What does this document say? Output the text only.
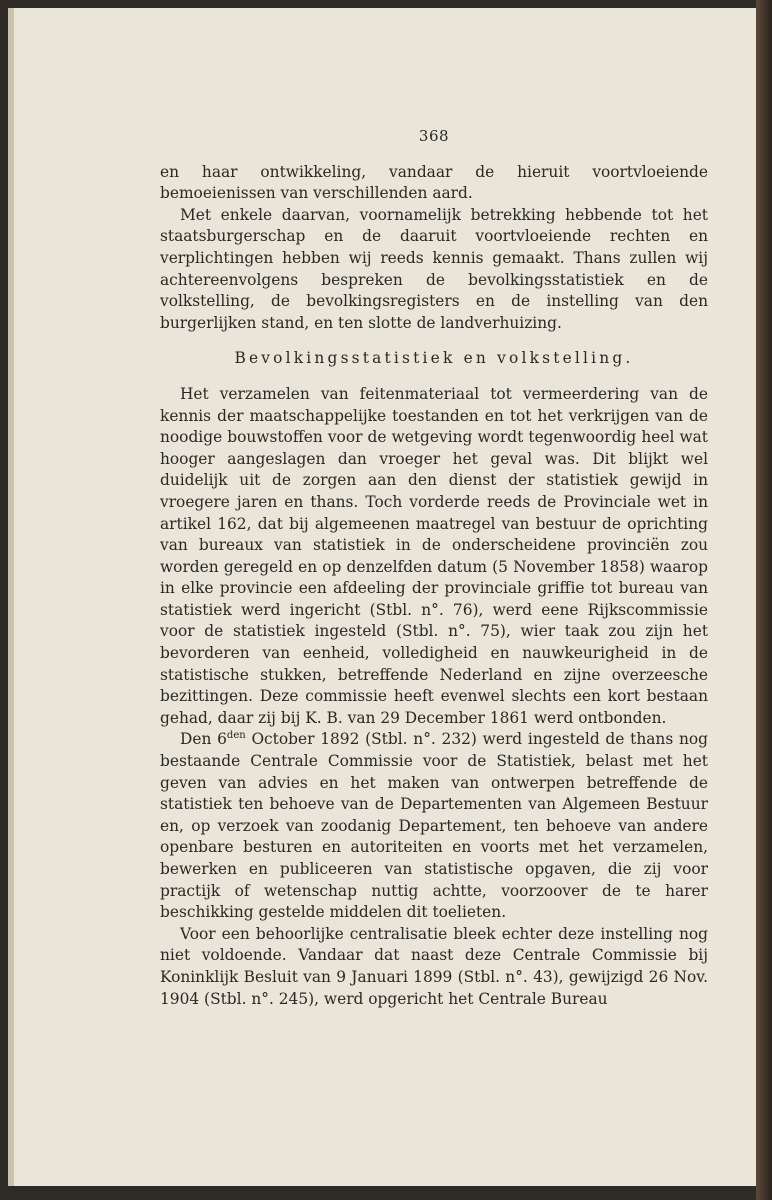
368

en haar ontwikkeling, vandaar de hieruit voortvloeiende bemoeienissen van verschillenden aard.

Met enkele daarvan, voornamelijk betrekking hebbende tot het staatsburgerschap en de daaruit voortvloeiende rechten en verplichtingen hebben wij reeds kennis gemaakt. Thans zullen wij achtereenvolgens bespreken de bevolkingsstatistiek en de volkstelling, de bevolkingsregisters en de instelling van den burgerlijken stand, en ten slotte de landverhuizing.

Bevolkingsstatistiek en volkstelling.

Het verzamelen van feitenmateriaal tot vermeerdering van de kennis der maatschappelijke toestanden en tot het verkrijgen van de noodige bouwstoffen voor de wetgeving wordt tegenwoordig heel wat hooger aangeslagen dan vroeger het geval was. Dit blijkt wel duidelijk uit de zorgen aan den dienst der statistiek gewijd in vroegere jaren en thans. Toch vorderde reeds de Provinciale wet in artikel 162, dat bij algemeenen maatregel van bestuur de oprichting van bureaux van statistiek in de onderscheidene provinciën zou worden geregeld en op denzelfden datum (5 November 1858) waarop in elke provincie een afdeeling der provinciale griffie tot bureau van statistiek werd ingericht (Stbl. n°. 76), werd eene Rijkscommissie voor de statistiek ingesteld (Stbl. n°. 75), wier taak zou zijn het bevorderen van eenheid, volledigheid en nauwkeurigheid in de statistische stukken, betreffende Nederland en zijne overzeesche bezittingen. Deze commissie heeft evenwel slechts een kort bestaan gehad, daar zij bij K. B. van 29 December 1861 werd ontbonden.

Den $6^{den}$ October 1892 (Stbl. n°. 232) werd ingesteld de thans nog bestaande Centrale Commissie voor de Statistiek, belast met het geven van advies en het maken van ontwerpen betreffende de statistiek ten behoeve van de Departementen van Algemeen Bestuur en, op verzoek van zoodanig Departement, ten behoeve van andere openbare besturen en autoriteiten en voorts met het verzamelen, bewerken en publiceeren van statistische opgaven, die zij voor practijk of wetenschap nuttig achtte, voorzoover de te harer beschikking gestelde middelen dit toelieten.

Voor een behoorlijke centralisatie bleek echter deze instelling nog niet voldoende. Vandaar dat naast deze Centrale Commissie bij Koninklijk Besluit van 9 Januari 1899 (Stbl. n°. 43), gewijzigd 26 Nov. 1904 (Stbl. n°. 245), werd opgericht het Centrale Bureau
